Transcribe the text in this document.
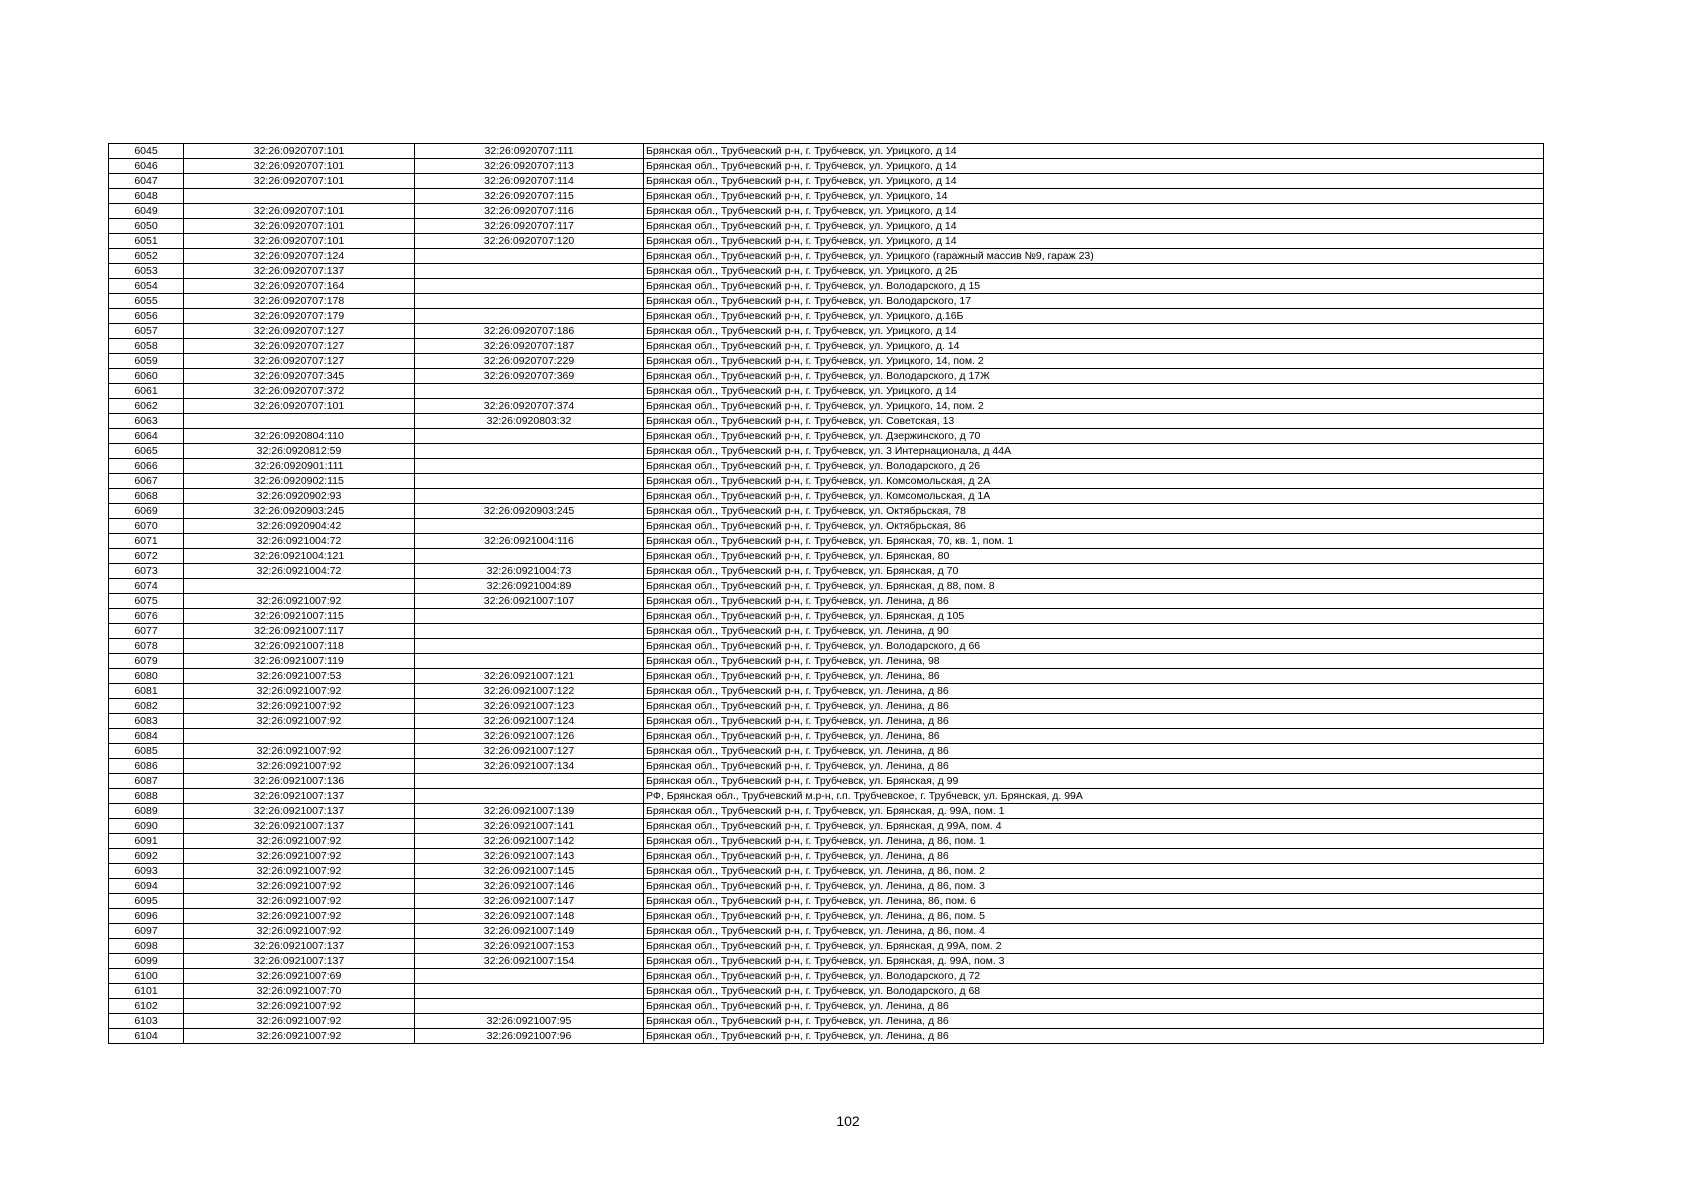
6045	32:26:0920707:101	32:26:0920707:111	Брянская обл., Трубчевский р-н, г. Трубчевск, ул. Урицкого, д 14
6046	32:26:0920707:101	32:26:0920707:113	Брянская обл., Трубчевский р-н, г. Трубчевск, ул. Урицкого, д 14
6047	32:26:0920707:101	32:26:0920707:114	Брянская обл., Трубчевский р-н, г. Трубчевск, ул. Урицкого, д 14
6048		32:26:0920707:115	Брянская обл., Трубчевский р-н, г. Трубчевск, ул. Урицкого, 14
6049	32:26:0920707:101	32:26:0920707:116	Брянская обл., Трубчевский р-н, г. Трубчевск, ул. Урицкого, д 14
6050	32:26:0920707:101	32:26:0920707:117	Брянская обл., Трубчевский р-н, г. Трубчевск, ул. Урицкого, д 14
6051	32:26:0920707:101	32:26:0920707:120	Брянская обл., Трубчевский р-н, г. Трубчевск, ул. Урицкого, д 14
6052	32:26:0920707:124		Брянская обл., Трубчевский р-н, г. Трубчевск, ул. Урицкого (гаражный массив №9, гараж 23)
6053	32:26:0920707:137		Брянская обл., Трубчевский р-н, г. Трубчевск, ул. Урицкого, д 2Б
6054	32:26:0920707:164		Брянская обл., Трубчевский р-н, г. Трубчевск, ул. Володарского, д 15
6055	32:26:0920707:178		Брянская обл., Трубчевский р-н, г. Трубчевск, ул. Володарского, 17
6056	32:26:0920707:179		Брянская обл., Трубчевский р-н, г. Трубчевск, ул. Урицкого, д.16Б
6057	32:26:0920707:127	32:26:0920707:186	Брянская обл., Трубчевский р-н, г. Трубчевск, ул. Урицкого, д 14
6058	32:26:0920707:127	32:26:0920707:187	Брянская обл., Трубчевский р-н, г. Трубчевск, ул. Урицкого, д. 14
6059	32:26:0920707:127	32:26:0920707:229	Брянская обл., Трубчевский р-н, г. Трубчевск, ул. Урицкого, 14, пом. 2
6060	32:26:0920707:345	32:26:0920707:369	Брянская обл., Трубчевский р-н, г. Трубчевск, ул. Володарского, д 17Ж
6061	32:26:0920707:372		Брянская обл., Трубчевский р-н, г. Трубчевск, ул. Урицкого, д 14
6062	32:26:0920707:101	32:26:0920707:374	Брянская обл., Трубчевский р-н, г. Трубчевск, ул. Урицкого, 14, пом. 2
6063		32:26:0920803:32	Брянская обл., Трубчевский р-н, г. Трубчевск, ул. Советская, 13
6064	32:26:0920804:110		Брянская обл., Трубчевский р-н, г. Трубчевск, ул. Дзержинского, д 70
6065	32:26:0920812:59		Брянская обл., Трубчевский р-н, г. Трубчевск, ул. 3 Интернационала, д 44А
6066	32:26:0920901:111		Брянская обл., Трубчевский р-н, г. Трубчевск, ул. Володарского, д 26
6067	32:26:0920902:115		Брянская обл., Трубчевский р-н, г. Трубчевск, ул. Комсомольская, д 2А
6068	32:26:0920902:93		Брянская обл., Трубчевский р-н, г. Трубчевск, ул. Комсомольская, д 1А
6069	32:26:0920903:245	32:26:0920903:245	Брянская обл., Трубчевский р-н, г. Трубчевск, ул. Октябрьская, 78
6070	32:26:0920904:42		Брянская обл., Трубчевский р-н, г. Трубчевск, ул. Октябрьская, 86
6071	32:26:0921004:72	32:26:0921004:116	Брянская обл., Трубчевский р-н, г. Трубчевск, ул. Брянская, 70, кв. 1, пом. 1
6072	32:26:0921004:121		Брянская обл., Трубчевский р-н, г. Трубчевск, ул. Брянская, 80
6073	32:26:0921004:72	32:26:0921004:73	Брянская обл., Трубчевский р-н, г. Трубчевск, ул. Брянская, д 70
6074		32:26:0921004:89	Брянская обл., Трубчевский р-н, г. Трубчевск, ул. Брянская, д 88, пом. 8
6075	32:26:0921007:92	32:26:0921007:107	Брянская обл., Трубчевский р-н, г. Трубчевск, ул. Ленина, д 86
6076	32:26:0921007:115		Брянская обл., Трубчевский р-н, г. Трубчевск, ул. Брянская, д 105
6077	32:26:0921007:117		Брянская обл., Трубчевский р-н, г. Трубчевск, ул. Ленина, д 90
6078	32:26:0921007:118		Брянская обл., Трубчевский р-н, г. Трубчевск, ул. Володарского, д 66
6079	32:26:0921007:119		Брянская обл., Трубчевский р-н, г. Трубчевск, ул. Ленина, 98
6080	32:26:0921007:53	32:26:0921007:121	Брянская обл., Трубчевский р-н, г. Трубчевск, ул. Ленина, 86
6081	32:26:0921007:92	32:26:0921007:122	Брянская обл., Трубчевский р-н, г. Трубчевск, ул. Ленина, д 86
6082	32:26:0921007:92	32:26:0921007:123	Брянская обл., Трубчевский р-н, г. Трубчевск, ул. Ленина, д 86
6083	32:26:0921007:92	32:26:0921007:124	Брянская обл., Трубчевский р-н, г. Трубчевск, ул. Ленина, д 86
6084		32:26:0921007:126	Брянская обл., Трубчевский р-н, г. Трубчевск, ул. Ленина, 86
6085	32:26:0921007:92	32:26:0921007:127	Брянская обл., Трубчевский р-н, г. Трубчевск, ул. Ленина, д 86
6086	32:26:0921007:92	32:26:0921007:134	Брянская обл., Трубчевский р-н, г. Трубчевск, ул. Ленина, д 86
6087	32:26:0921007:136		Брянская обл., Трубчевский р-н, г. Трубчевск, ул. Брянская, д 99
6088	32:26:0921007:137		РФ, Брянская обл., Трубчевский м.р-н, г.п. Трубчевское, г. Трубчевск, ул. Брянская, д. 99А
6089	32:26:0921007:137	32:26:0921007:139	Брянская обл., Трубчевский р-н, г. Трубчевск, ул. Брянская, д. 99А, пом. 1
6090	32:26:0921007:137	32:26:0921007:141	Брянская обл., Трубчевский р-н, г. Трубчевск, ул. Брянская, д 99А, пом. 4
6091	32:26:0921007:92	32:26:0921007:142	Брянская обл., Трубчевский р-н, г. Трубчевск, ул. Ленина, д 86, пом. 1
6092	32:26:0921007:92	32:26:0921007:143	Брянская обл., Трубчевский р-н, г. Трубчевск, ул. Ленина, д 86
6093	32:26:0921007:92	32:26:0921007:145	Брянская обл., Трубчевский р-н, г. Трубчевск, ул. Ленина, д 86, пом. 2
6094	32:26:0921007:92	32:26:0921007:146	Брянская обл., Трубчевский р-н, г. Трубчевск, ул. Ленина, д 86, пом. 3
6095	32:26:0921007:92	32:26:0921007:147	Брянская обл., Трубчевский р-н, г. Трубчевск, ул. Ленина, 86, пом. 6
6096	32:26:0921007:92	32:26:0921007:148	Брянская обл., Трубчевский р-н, г. Трубчевск, ул. Ленина, д 86, пом. 5
6097	32:26:0921007:92	32:26:0921007:149	Брянская обл., Трубчевский р-н, г. Трубчевск, ул. Ленина, д 86, пом. 4
6098	32:26:0921007:137	32:26:0921007:153	Брянская обл., Трубчевский р-н, г. Трубчевск, ул. Брянская, д 99А, пом. 2
6099	32:26:0921007:137	32:26:0921007:154	Брянская обл., Трубчевский р-н, г. Трубчевск, ул. Брянская, д. 99А, пом. 3
6100	32:26:0921007:69		Брянская обл., Трубчевский р-н, г. Трубчевск, ул. Володарского, д 72
6101	32:26:0921007:70		Брянская обл., Трубчевский р-н, г. Трубчевск, ул. Володарского, д 68
6102	32:26:0921007:92		Брянская обл., Трубчевский р-н, г. Трубчевск, ул. Ленина, д 86
6103	32:26:0921007:92	32:26:0921007:95	Брянская обл., Трубчевский р-н, г. Трубчевск, ул. Ленина, д 86
6104	32:26:0921007:92	32:26:0921007:96	Брянская обл., Трубчевский р-н, г. Трубчевск, ул. Ленина, д 86
102
